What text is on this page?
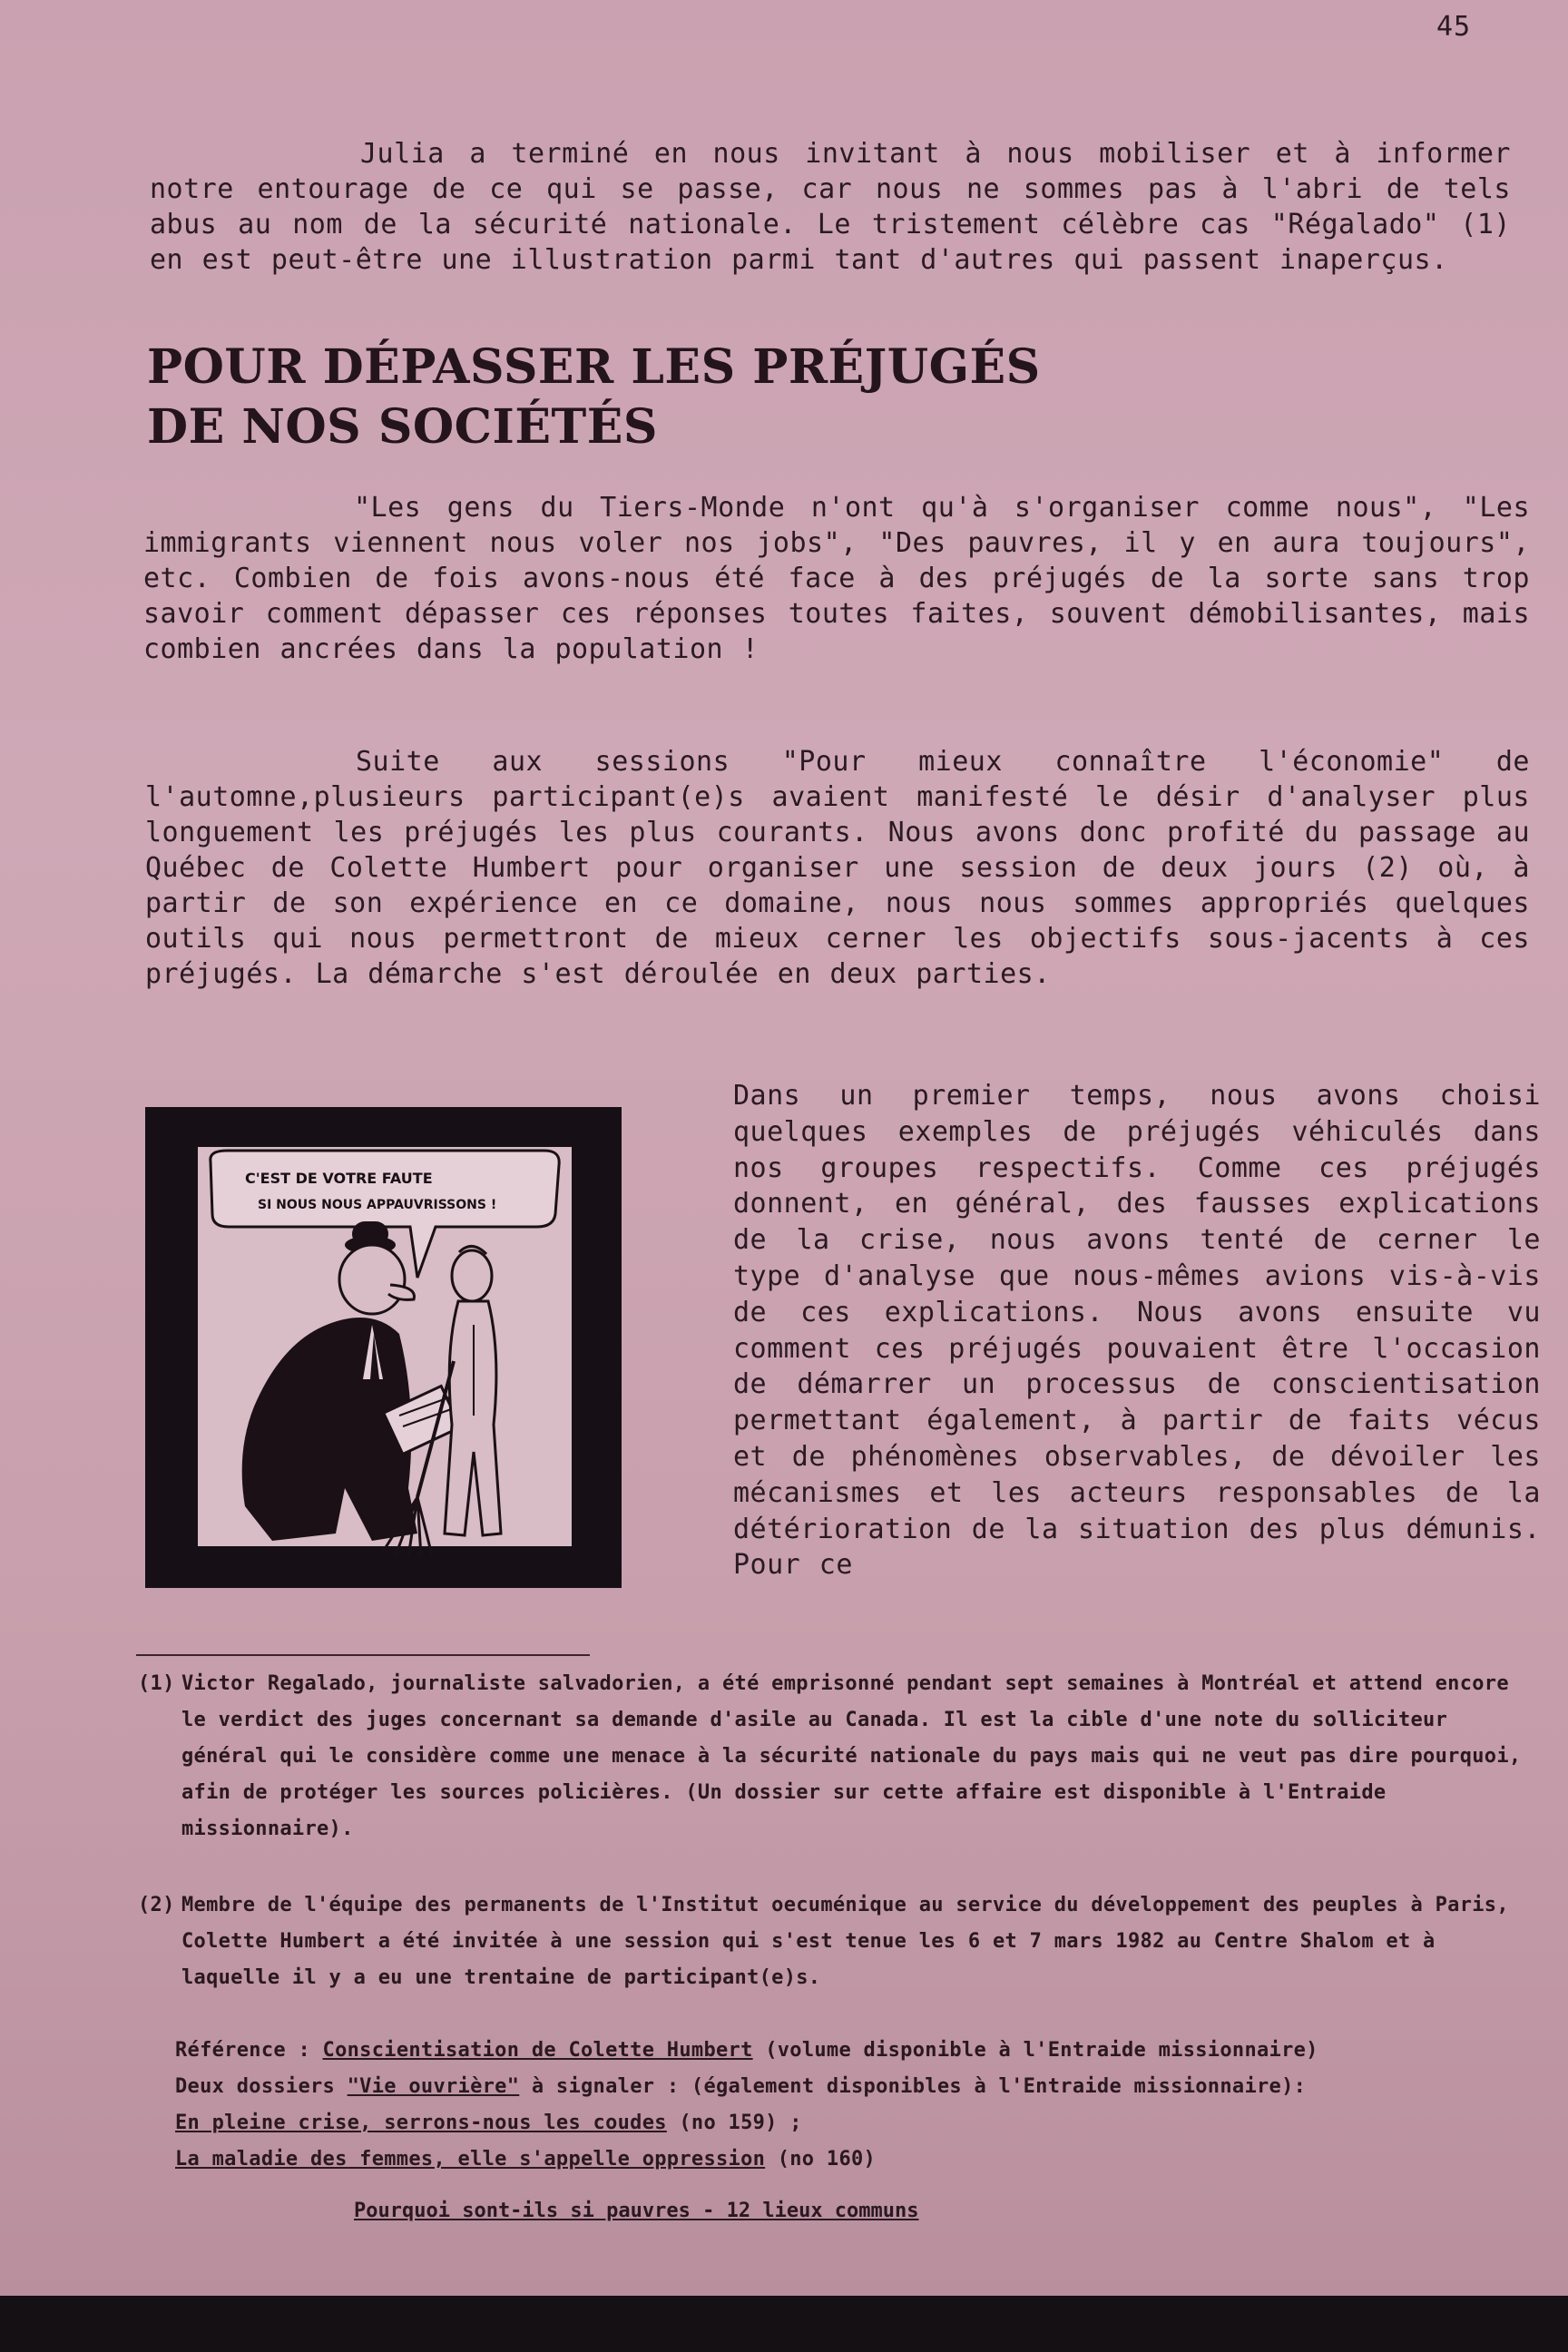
45

Julia a terminé en nous invitant à nous mobiliser et à informer notre entourage de ce qui se passe, car nous ne sommes pas à l'abri de tels abus au nom de la sécurité nationale. Le tristement célèbre cas "Régalado" (1) en est peut-être une illustration parmi tant d'autres qui passent inaperçus.

POUR DÉPASSER LES PRÉJUGÉS
DE NOS SOCIÉTÉS

"Les gens du Tiers-Monde n'ont qu'à s'organiser comme nous", "Les immigrants viennent nous voler nos jobs", "Des pauvres, il y en aura toujours", etc. Combien de fois avons-nous été face à des préjugés de la sorte sans trop savoir comment dépasser ces réponses toutes faites, souvent démobilisantes, mais combien ancrées dans la population !

Suite aux sessions "Pour mieux connaître l'économie" de l'automne,plusieurs participant(e)s avaient manifesté le désir d'analyser plus longuement les préjugés les plus courants. Nous avons donc profité du passage au Québec de Colette Humbert pour organiser une session de deux jours (2) où, à partir de son expérience en ce domaine, nous nous sommes appropriés quelques outils qui nous permettront de mieux cerner les objectifs sous-jacents à ces préjugés. La démarche s'est déroulée en deux parties.

C'EST DE VOTRE FAUTE
SI NOUS NOUS APPAUVRISSONS !

Dans un premier temps, nous avons choisi quelques exemples de préjugés véhiculés dans nos groupes respectifs. Comme ces préjugés donnent, en général, des fausses explications de la crise, nous avons tenté de cerner le type d'analyse que nous-mêmes avions vis-à-vis de ces explications. Nous avons ensuite vu comment ces préjugés pouvaient être l'occasion de démarrer un processus de conscientisation permettant également, à partir de faits vécus et de phénomènes observables, de dévoiler les mécanismes et les acteurs responsables de la détérioration de la situation des plus démunis. Pour ce

(1) Victor Regalado, journaliste salvadorien, a été emprisonné pendant sept semaines à Montréal et attend encore le verdict des juges concernant sa demande d'asile au Canada. Il est la cible d'une note du solliciteur général qui le considère comme une menace à la sécurité nationale du pays mais qui ne veut pas dire pourquoi, afin de protéger les sources policières. (Un dossier sur cette affaire est disponible à l'Entraide missionnaire).

(2) Membre de l'équipe des permanents de l'Institut oecuménique au service du développement des peuples à Paris, Colette Humbert a été invitée à une session qui s'est tenue les 6 et 7 mars 1982 au Centre Shalom et à laquelle il y a eu une trentaine de participant(e)s.

Référence : Conscientisation de Colette Humbert (volume disponible à l'Entraide missionnaire)
Deux dossiers "Vie ouvrière" à signaler : (également disponibles à l'Entraide missionnaire):
En pleine crise, serrons-nous les coudes (no 159) ;
La maladie des femmes, elle s'appelle oppression (no 160)
Pourquoi sont-ils si pauvres - 12 lieux communs
